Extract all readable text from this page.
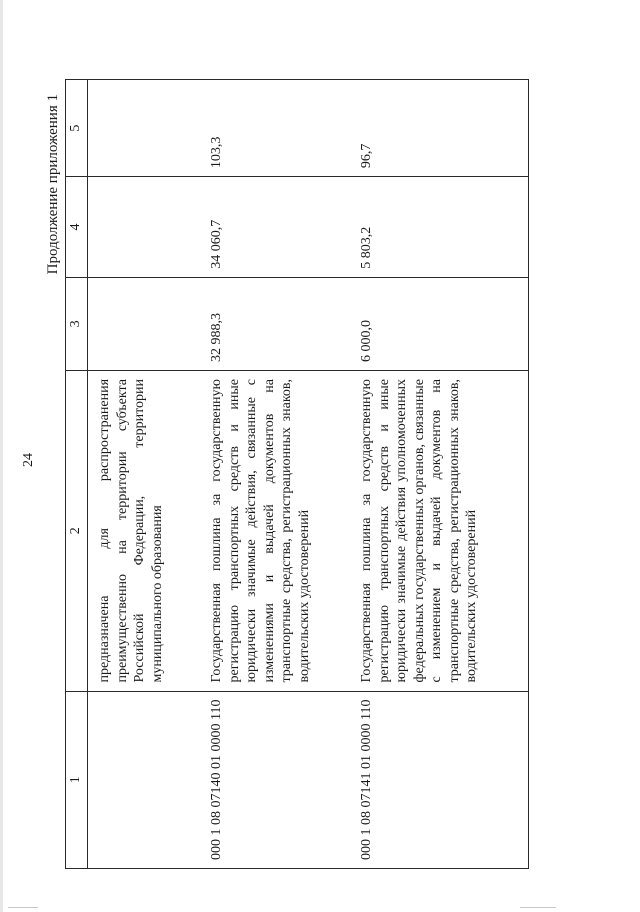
24
Продолжение приложения 1
1	2	3	4	5
	предназначена для распространения преимущественно на территории субъекта Российской Федерации, территории муниципального образования			
000 1 08 07140 01 0000 110	Государственная пошлина за государственную регистрацию транспортных средств и иные юридически значимые действия, связанные с изменениями и выдачей документов на транспортные средства, регистрационных знаков, водительских удостоверений	32 988,3	34 060,7	103,3
000 1 08 07141 01 0000 110	Государственная пошлина за государственную регистрацию транспортных средств и иные юридически значимые действия уполномоченных федеральных государственных органов, связанные с изменением и выдачей документов на транспортные средства, регистрационных знаков, водительских удостоверений	6 000,0	5 803,2	96,7
